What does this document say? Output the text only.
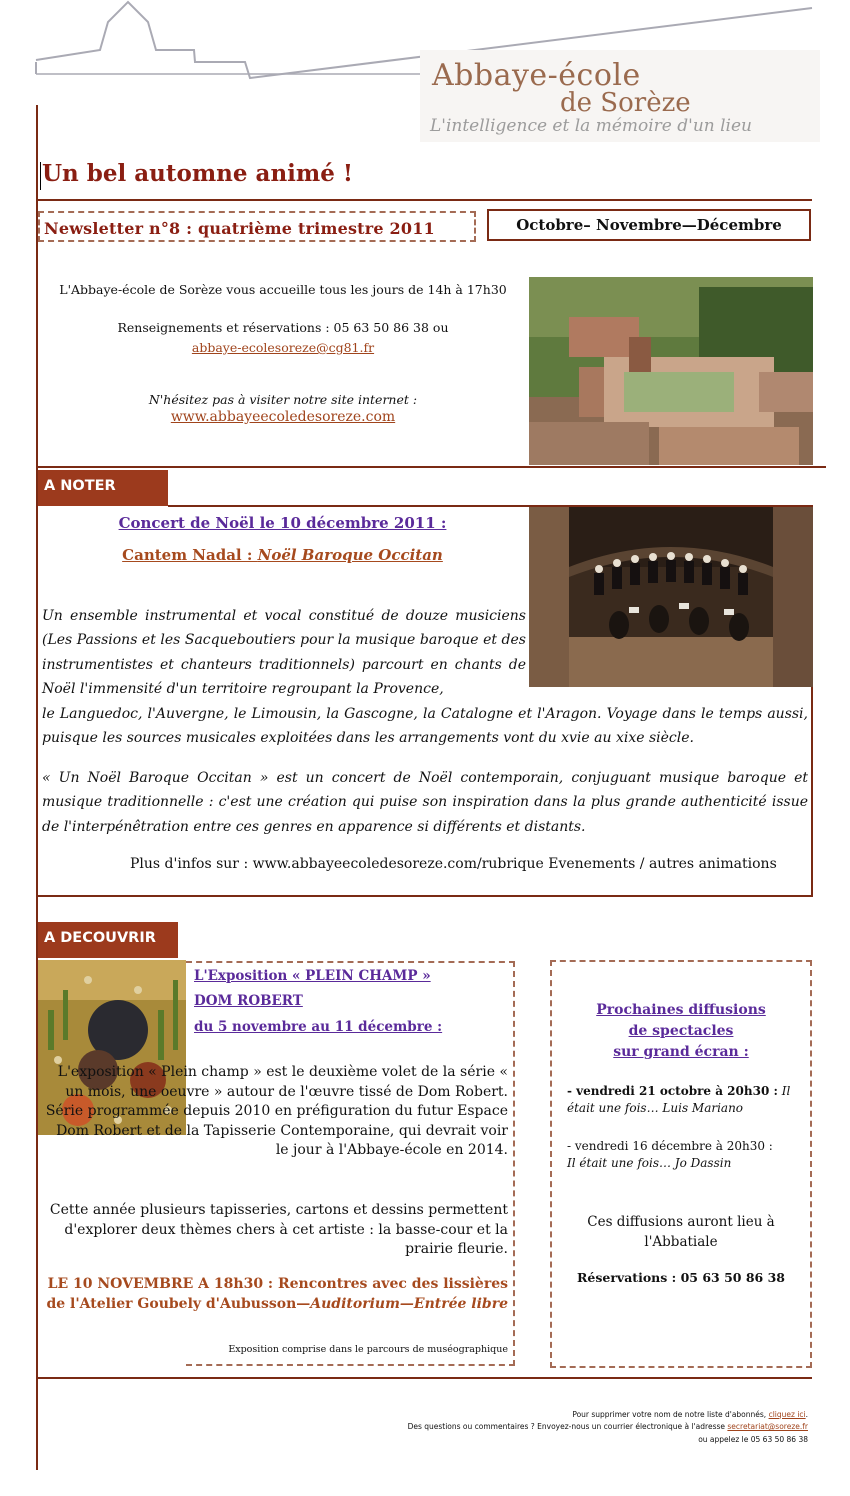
Abbaye-école
de Sorèze
L'intelligence et la mémoire d'un lieu
Un bel automne animé !
Newsletter n°8 : quatrième trimestre 2011	Octobre– Novembre—Décembre
L'Abbaye-école de Sorèze vous accueille tous les jours de 14h à 17h30
Renseignements et réservations : 05 63 50 86 38 ou
abbaye-ecolesoreze@cg81.fr
N'hésitez pas à visiter notre site internet :
www.abbayeecoledesoreze.com
A NOTER
Concert de Noël le 10 décembre 2011 :
Cantem Nadal : Noël Baroque Occitan
Un ensemble instrumental et vocal constitué de douze musiciens (Les Passions et les Sacqueboutiers pour la musique baroque et des instrumentistes et chanteurs traditionnels) parcourt en chants de Noël l'immensité d'un territoire regroupant la Provence,
le Languedoc, l'Auvergne, le Limousin, la Gascogne, la Catalogne et l'Aragon. Voyage dans le temps aussi, puisque les sources musicales exploitées dans les arrangements vont du xvie au xixe siècle.
« Un Noël Baroque Occitan » est un concert de Noël contemporain, conjuguant musique baroque et musique traditionnelle : c'est une création qui puise son inspiration dans la plus grande authenticité issue de l'interpénêtration entre ces genres en apparence si différents et distants.
Plus d'infos sur : www.abbayeecoledesoreze.com/rubrique Evenements / autres animations
A DECOUVRIR
L'Exposition « PLEIN CHAMP »
DOM ROBERT
du 5 novembre au 11 décembre :
L'exposition « Plein champ » est le deuxième volet de la série « un mois, une oeuvre » autour de l'œuvre tissé de Dom Robert. Série programmée depuis 2010 en préfiguration du futur Espace Dom Robert et de la Tapisserie Contemporaine, qui devrait voir le jour à l'Abbaye-école en 2014.
Cette année plusieurs tapisseries, cartons et dessins permettent d'explorer deux thèmes chers à cet artiste : la basse-cour et la prairie fleurie.
LE 10 NOVEMBRE A 18h30 : Rencontres avec des lissières
de l'Atelier Goubely d'Aubusson—Auditorium—Entrée libre
Exposition comprise dans le parcours de muséographique
Prochaines diffusions
de spectacles
sur grand écran :
- vendredi 21 octobre à 20h30 : Il était une fois… Luis Mariano
- vendredi 16 décembre à 20h30 :
Il était une fois… Jo Dassin
Ces diffusions auront lieu à l'Abbatiale
Réservations : 05 63 50 86 38
Pour supprimer votre nom de notre liste d'abonnés, cliquez ici.
Des questions ou commentaires ? Envoyez-nous un courrier électronique à l'adresse secretariat@soreze.fr
ou appelez le 05 63 50 86 38
